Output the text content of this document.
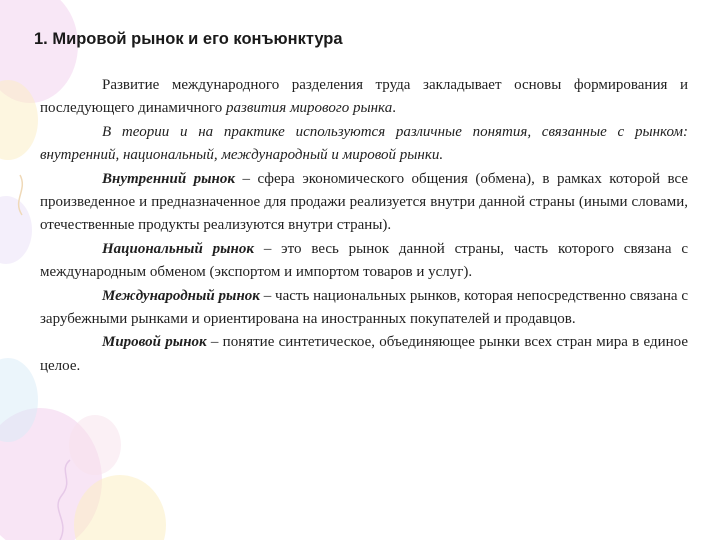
1. Мировой рынок и его конъюнктура

Развитие международного разделения труда закладывает основы формирования и последующего динамичного развития мирового рынка.

В теории и на практике используются различные понятия, связанные с рынком: внутренний, национальный, международный и мировой рынки.

Внутренний рынок – сфера экономического общения (обмена), в рамках которой все произведенное и предназначенное для продажи реализуется внутри данной страны (иными словами, отечественные продукты реализуются внутри страны).

Национальный рынок – это весь рынок данной страны, часть которого связана с международным обменом (экспортом и импортом товаров и услуг).

Международный рынок – часть национальных рынков, которая непосредственно связана с зарубежными рынками и ориентирована на иностранных покупателей и продавцов.

Мировой рынок – понятие синтетическое, объединяющее рынки всех стран мира в единое целое.
